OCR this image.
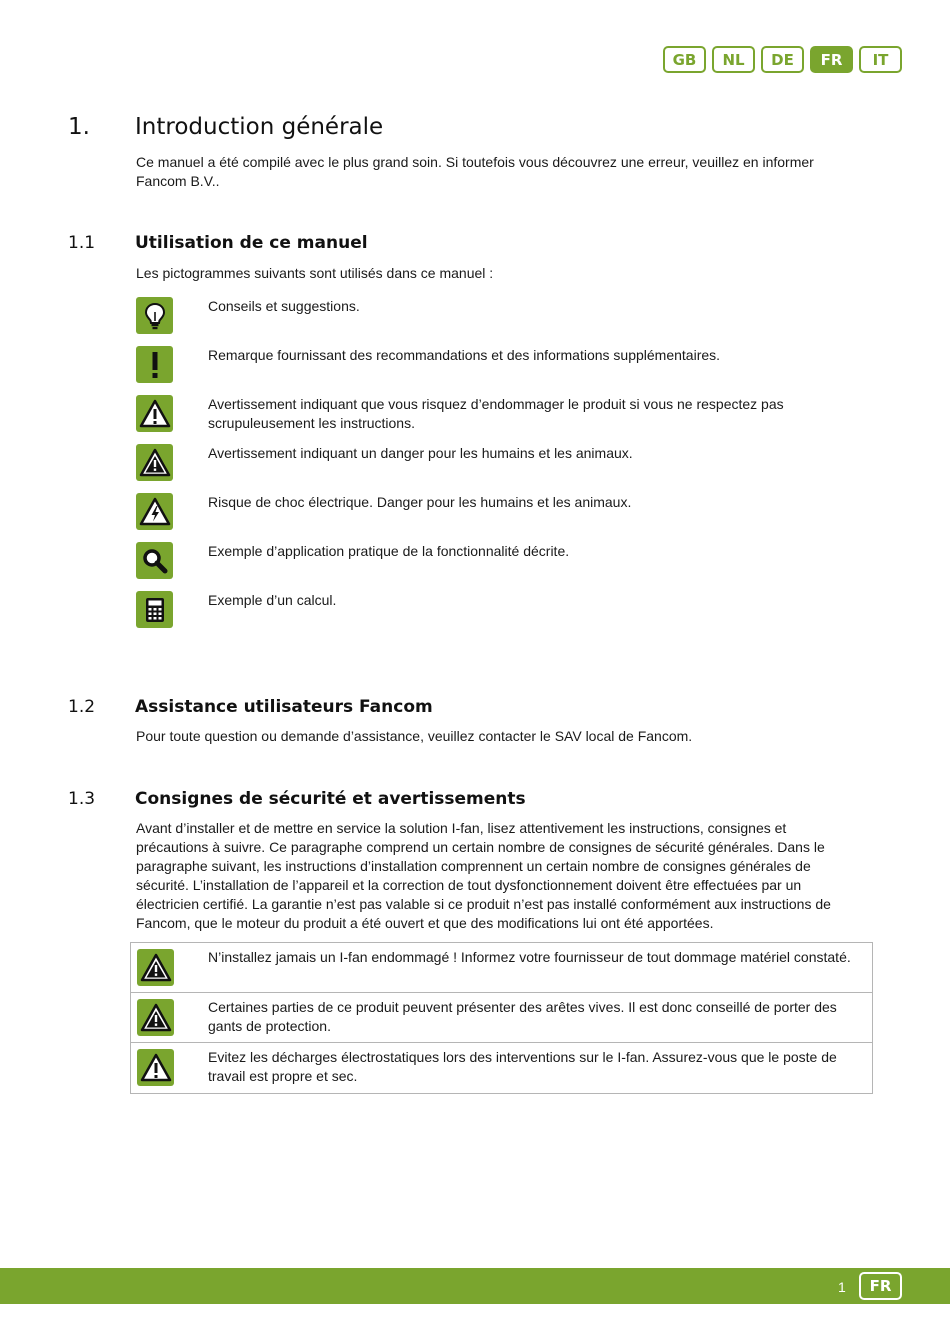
GB	NL	DE	FR	IT
1. Introduction générale
Ce manuel a été compilé avec le plus grand soin. Si toutefois vous découvrez une erreur, veuillez en informer Fancom B.V..
1.1 Utilisation de ce manuel
Les pictogrammes suivants sont utilisés dans ce manuel :
Conseils et suggestions.
Remarque fournissant des recommandations et des informations supplémentaires.
Avertissement indiquant que vous risquez d’endommager le produit si vous ne respectez pas scrupuleusement les instructions.
Avertissement indiquant un danger pour les humains et les animaux.
Risque de choc électrique. Danger pour les humains et les animaux.
Exemple d’application pratique de la fonctionnalité décrite.
Exemple d’un calcul.
1.2 Assistance utilisateurs Fancom
Pour toute question ou demande d’assistance, veuillez contacter le SAV local de Fancom.
1.3 Consignes de sécurité et avertissements
Avant d’installer et de mettre en service la solution I-fan, lisez attentivement les instructions, consignes et précautions à suivre. Ce paragraphe comprend un certain nombre de consignes de sécurité générales. Dans le paragraphe suivant, les instructions d’installation comprennent un certain nombre de consignes générales de sécurité. L’installation de l’appareil et la correction de tout dysfonctionnement doivent être effectuées par un électricien certifié. La garantie n’est pas valable si ce produit n’est pas installé conformément aux instructions de Fancom, que le moteur du produit a été ouvert et que des modifications lui ont été apportées.
N’installez jamais un I-fan endommagé ! Informez votre fournisseur de tout dommage matériel constaté.
Certaines parties de ce produit peuvent présenter des arêtes vives. Il est donc conseillé de porter des gants de protection.
Evitez les décharges électrostatiques lors des interventions sur le I-fan. Assurez-vous que le poste de travail est propre et sec.
1	FR
